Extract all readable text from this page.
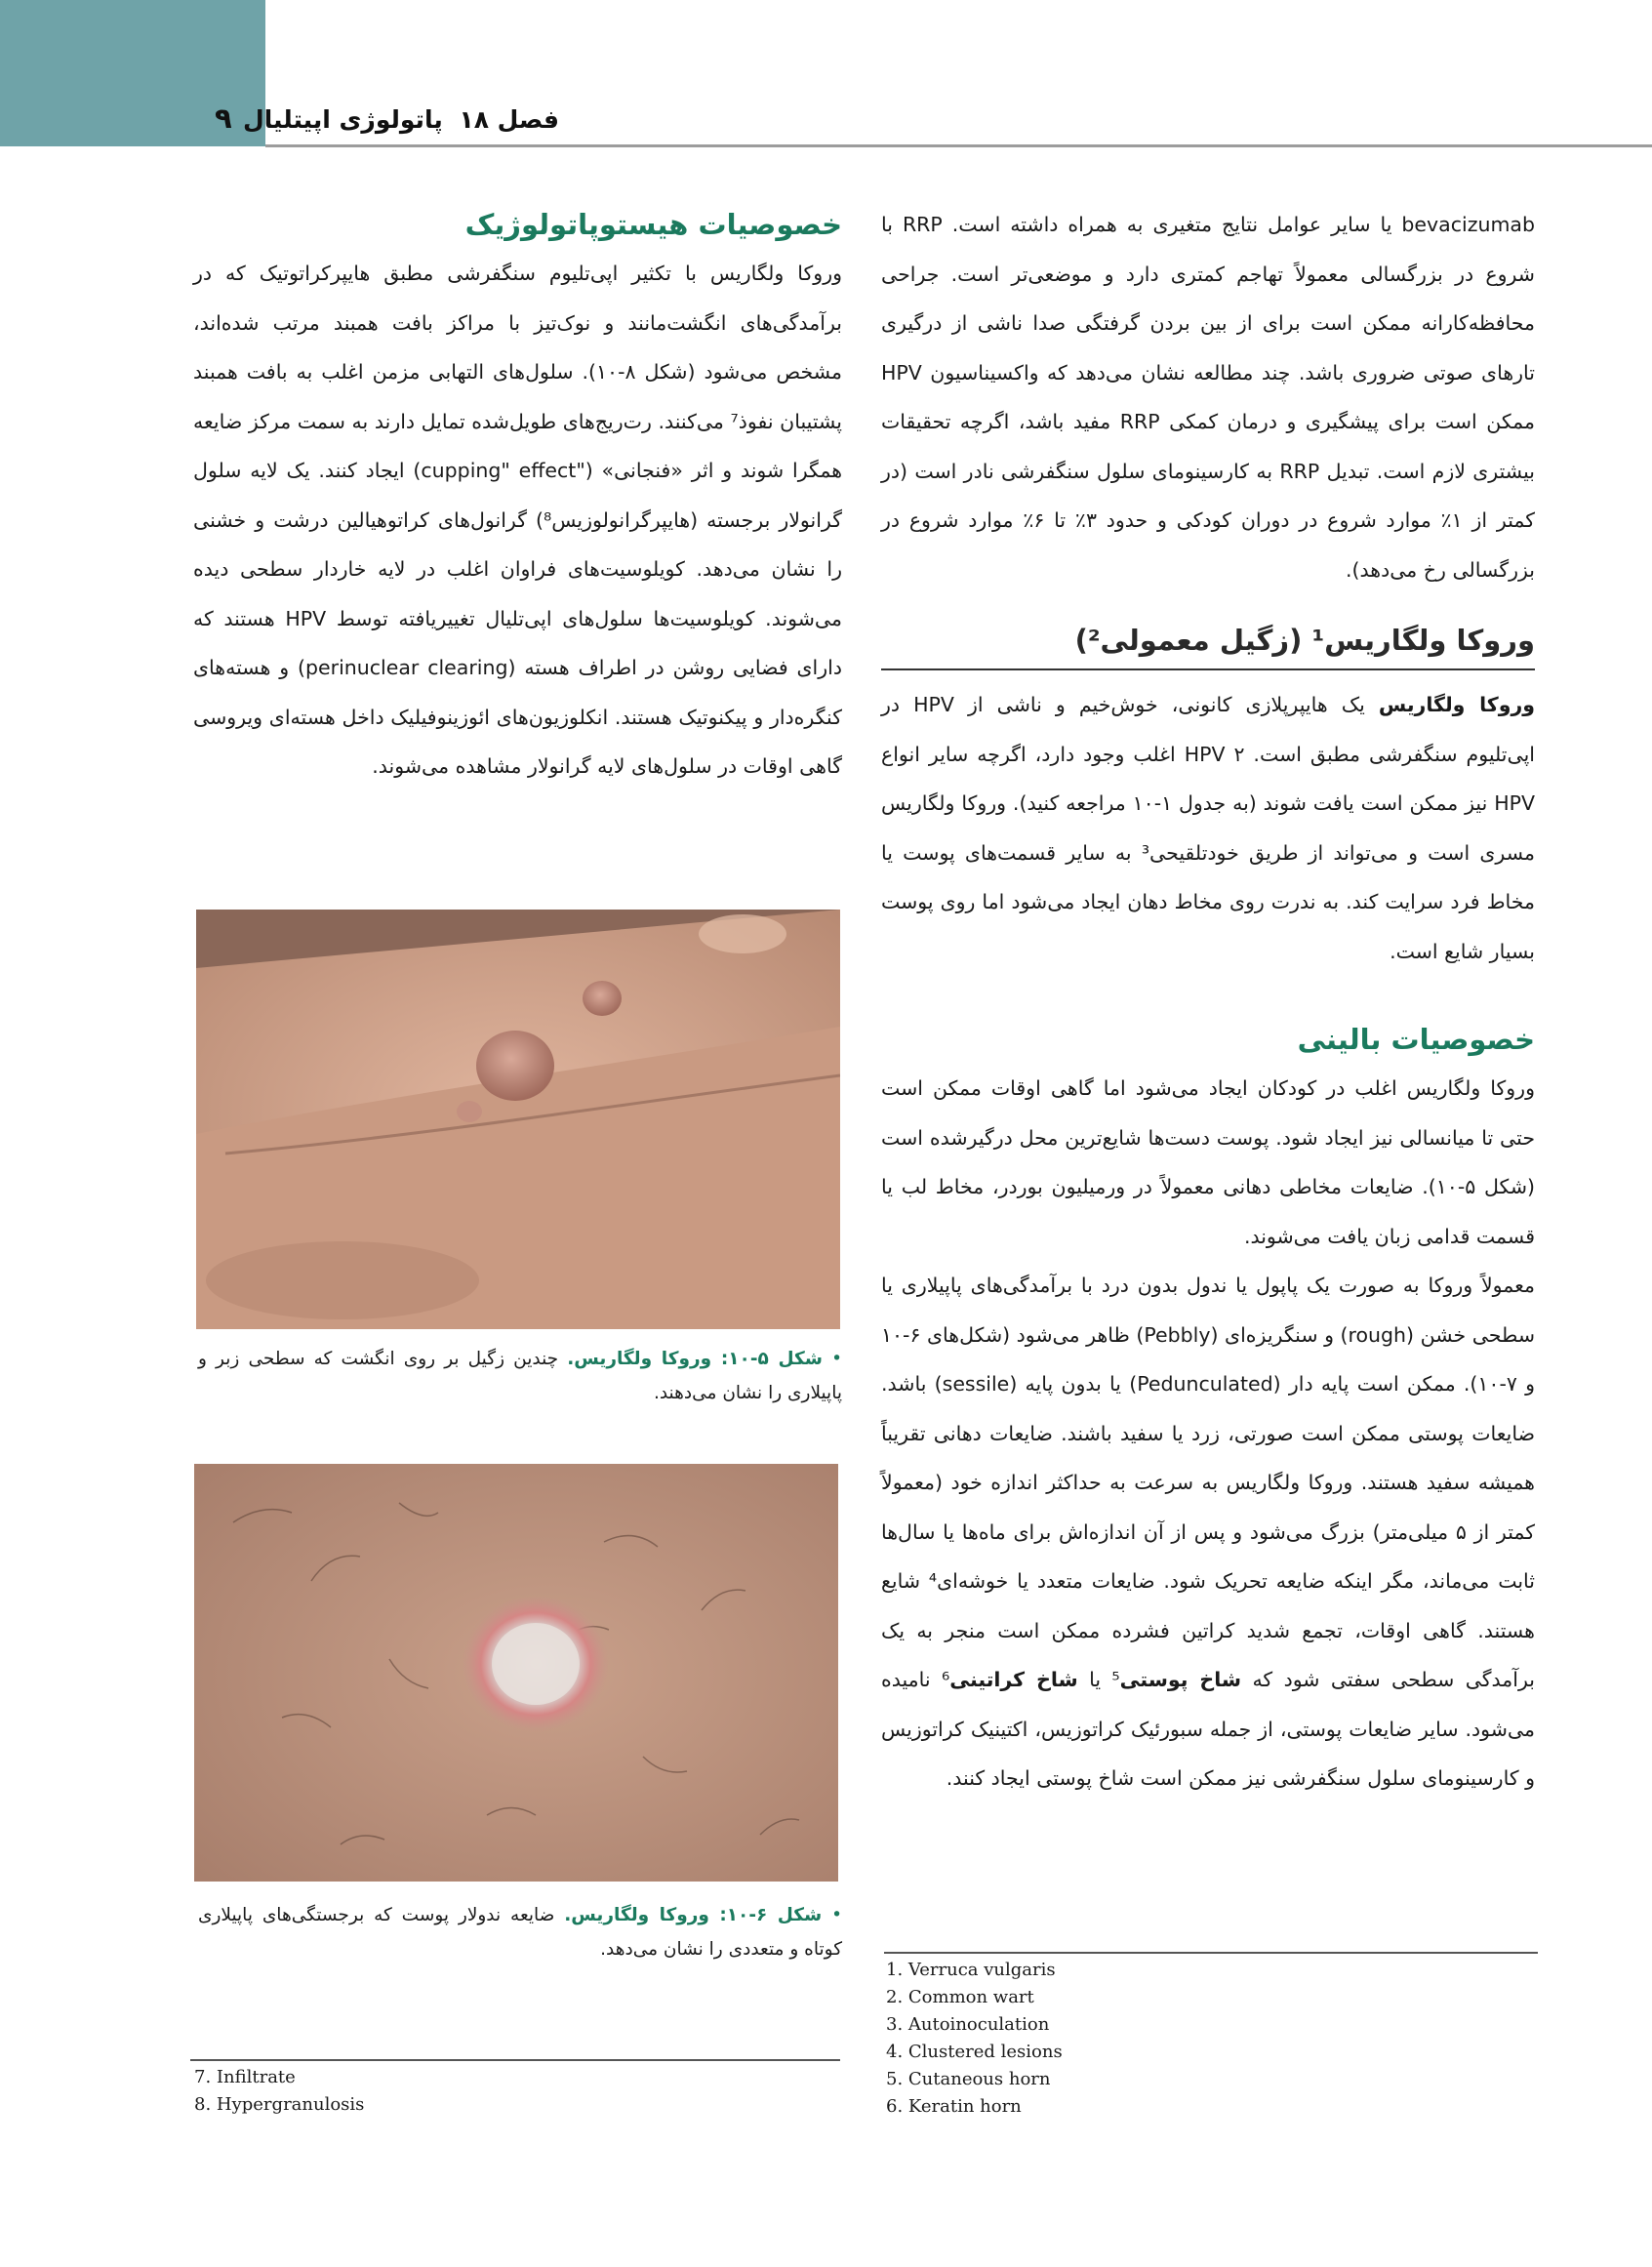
فصل ۱۸ پاتولوژی اپیتلیال
۹

bevacizumab یا سایر عوامل نتایج متغیری به همراه داشته است. RRP با شروع در بزرگسالی معمولاً تهاجم کمتری دارد و موضعی‌تر است. جراحی محافظه‌کارانه ممکن است برای از بین بردن گرفتگی صدا ناشی از درگیری تارهای صوتی ضروری باشد. چند مطالعه نشان می‌دهد که واکسیناسیون HPV ممکن است برای پیشگیری و درمان کمکی RRP مفید باشد، اگرچه تحقیقات بیشتری لازم است. تبدیل RRP به کارسینومای سلول سنگفرشی نادر است (در کمتر از ۱٪ موارد شروع در دوران کودکی و حدود ۳٪ تا ۶٪ موارد شروع در بزرگسالی رخ می‌دهد).

وروکا ولگاریس¹ (زگیل معمولی²)

وروکا ولگاریس یک هایپرپلازی کانونی، خوش‌خیم و ناشی از HPV در اپی‌تلیوم سنگفرشی مطبق است. HPV ۲ اغلب وجود دارد، اگرچه سایر انواع HPV نیز ممکن است یافت شوند (به جدول ۱-۱۰ مراجعه کنید). وروکا ولگاریس مسری است و می‌تواند از طریق خودتلقیحی³ به سایر قسمت‌های پوست یا مخاط فرد سرایت کند. به ندرت روی مخاط دهان ایجاد می‌شود اما روی پوست بسیار شایع است.

خصوصیات بالینی

وروکا ولگاریس اغلب در کودکان ایجاد می‌شود اما گاهی اوقات ممکن است حتی تا میانسالی نیز ایجاد شود. پوست دست‌ها شایع‌ترین محل درگیرشده است (شکل ۵-۱۰). ضایعات مخاطی دهانی معمولاً در ورمیلیون بوردر، مخاط لب یا قسمت قدامی زبان یافت می‌شوند.

معمولاً وروکا به صورت یک پاپول یا ندول بدون درد با برآمدگی‌های پاپیلاری یا سطحی خشن (rough) و سنگریزه‌ای (Pebbly) ظاهر می‌شود (شکل‌های ۶-۱۰ و ۷-۱۰). ممکن است پایه دار (Pedunculated) یا بدون پایه (sessile) باشد. ضایعات پوستی ممکن است صورتی، زرد یا سفید باشند. ضایعات دهانی تقریباً همیشه سفید هستند. وروکا ولگاریس به سرعت به حداکثر اندازه خود (معمولاً کمتر از ۵ میلی‌متر) بزرگ می‌شود و پس از آن اندازه‌اش برای ماه‌ها یا سال‌ها ثابت می‌ماند، مگر اینکه ضایعه تحریک شود. ضایعات متعدد یا خوشه‌ای⁴ شایع هستند. گاهی اوقات، تجمع شدید کراتین فشرده ممکن است منجر به یک برآمدگی سطحی سفتی شود که شاخ پوستی⁵ یا شاخ کراتینی⁶ نامیده می‌شود. سایر ضایعات پوستی، از جمله سبورئیک کراتوزیس، اکتینیک کراتوزیس و کارسینومای سلول سنگفرشی نیز ممکن است شاخ پوستی ایجاد کنند.

خصوصیات هیستوپاتولوژیک

وروکا ولگاریس با تکثیر اپی‌تلیوم سنگفرشی مطبق هایپرکراتوتیک که در برآمدگی‌های انگشت‌مانند و نوک‌تیز با مراکز بافت همبند مرتب شده‌اند، مشخص می‌شود (شکل ۸-۱۰). سلول‌های التهابی مزمن اغلب به بافت همبند پشتیبان نفوذ⁷ می‌کنند. رت‌ریج‌های طویل‌شده تمایل دارند به سمت مرکز ضایعه همگرا شوند و اثر «فنجانی» ("cupping" effect) ایجاد کنند. یک لایه سلول گرانولار برجسته (هایپرگرانولوزیس⁸) گرانول‌های کراتوهیالین درشت و خشنی را نشان می‌دهد. کویلوسیت‌های فراوان اغلب در لایه خاردار سطحی دیده می‌شوند. کویلوسیت‌ها سلول‌های اپی‌تلیال تغییریافته توسط HPV هستند که دارای فضایی روشن در اطراف هسته (perinuclear clearing) و هسته‌های کنگره‌دار و پیکنوتیک هستند. انکلوزیون‌های ائوزینوفیلیک داخل هسته‌ای ویروسی گاهی اوقات در سلول‌های لایه گرانولار مشاهده می‌شوند.

• شکل ۵-۱۰: وروکا ولگاریس. چندین زگیل بر روی انگشت که سطحی زبر و پاپیلاری را نشان می‌دهند.
• شکل ۶-۱۰: وروکا ولگاریس. ضایعه ندولار پوست که برجستگی‌های پاپیلاری کوتاه و متعددی را نشان می‌دهد.
7. Infiltrate
8. Hypergranulosis
1. Verruca vulgaris
2. Common wart
3. Autoinoculation
4. Clustered lesions
5. Cutaneous horn
6. Keratin horn
